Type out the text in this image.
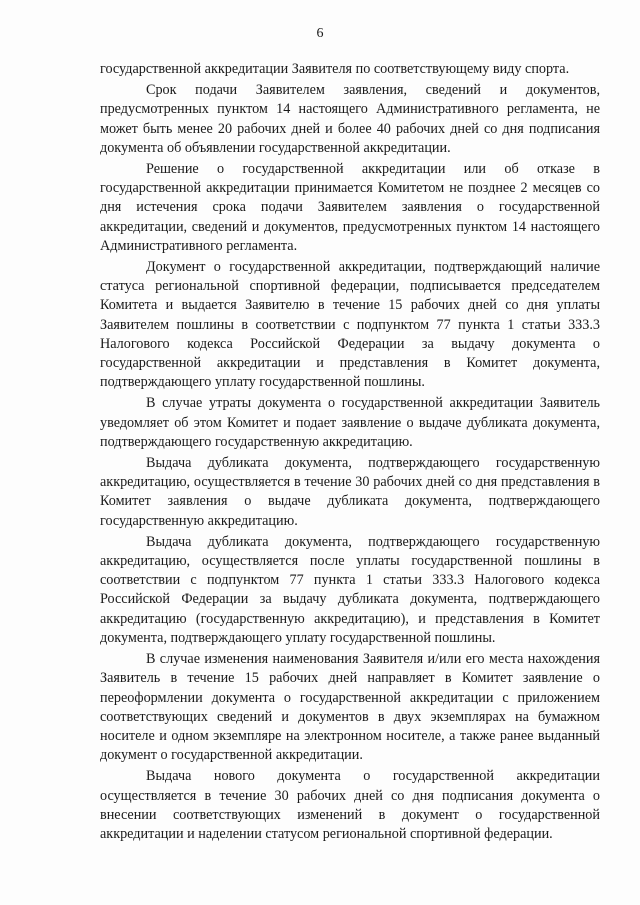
6

государственной аккредитации Заявителя по соответствующему виду спорта.

Срок подачи Заявителем заявления, сведений и документов, предусмотренных пунктом 14 настоящего Административного регламента, не может быть менее 20 рабочих дней и более 40 рабочих дней со дня подписания документа об объявлении государственной аккредитации.

Решение о государственной аккредитации или об отказе в государственной аккредитации принимается Комитетом не позднее 2 месяцев со дня истечения срока подачи Заявителем заявления о государственной аккредитации, сведений и документов, предусмотренных пунктом 14 настоящего Административного регламента.

Документ о государственной аккредитации, подтверждающий наличие статуса региональной спортивной федерации, подписывается председателем Комитета и выдается Заявителю в течение 15 рабочих дней со дня уплаты Заявителем пошлины в соответствии с подпунктом 77 пункта 1 статьи 333.3 Налогового кодекса Российской Федерации за выдачу документа о государственной аккредитации и представления в Комитет документа, подтверждающего уплату государственной пошлины.

В случае утраты документа о государственной аккредитации Заявитель уведомляет об этом Комитет и подает заявление о выдаче дубликата документа, подтверждающего государственную аккредитацию.

Выдача дубликата документа, подтверждающего государственную аккредитацию, осуществляется в течение 30 рабочих дней со дня представления в Комитет заявления о выдаче дубликата документа, подтверждающего государственную аккредитацию.

Выдача дубликата документа, подтверждающего государственную аккредитацию, осуществляется после уплаты государственной пошлины в соответствии с подпунктом 77 пункта 1 статьи 333.3 Налогового кодекса Российской Федерации за выдачу дубликата документа, подтверждающего аккредитацию (государственную аккредитацию), и представления в Комитет документа, подтверждающего уплату государственной пошлины.

В случае изменения наименования Заявителя и/или его места нахождения Заявитель в течение 15 рабочих дней направляет в Комитет заявление о переоформлении документа о государственной аккредитации с приложением соответствующих сведений и документов в двух экземплярах на бумажном носителе и одном экземпляре на электронном носителе, а также ранее выданный документ о государственной аккредитации.

Выдача нового документа о государственной аккредитации осуществляется в течение 30 рабочих дней со дня подписания документа о внесении соответствующих изменений в документ о государственной аккредитации и наделении статусом региональной спортивной федерации.
